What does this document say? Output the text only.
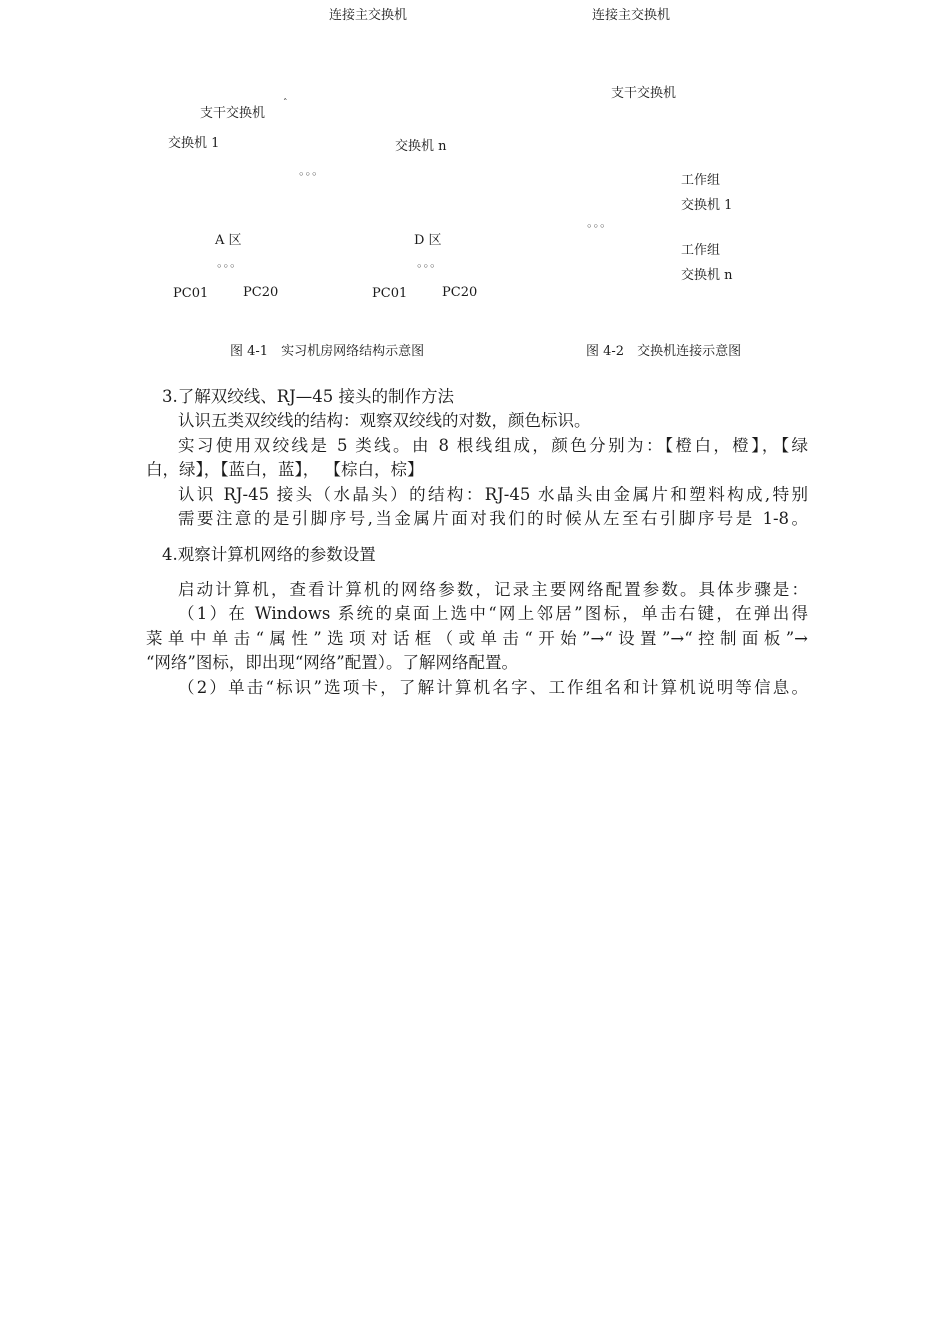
连接主交换机
支干交换机
ˆ
交换机 1	交换机 n
◦◦◦
A 区	D 区
◦◦◦	◦◦◦
PC01	PC20	PC01	PC20
图 4-1　实习机房网络结构示意图
连接主交换机
支干交换机
工作组
交换机 1
◦◦◦
工作组
交换机 n
图 4-2　交换机连接示意图
3.了解双绞线、RJ—45 接头的制作方法
认识五类双绞线的结构：观察双绞线的对数，颜色标识。
实习使用双绞线是 5 类线。由 8 根线组成，颜色分别为：【橙白，橙】，【绿
白，绿】，【蓝白，蓝】， 【棕白，棕】
认识 RJ-45 接头（水晶头）的结构：RJ-45 水晶头由金属片和塑料构成,特别
需要注意的是引脚序号,当金属片面对我们的时候从左至右引脚序号是 1-8。
4.观察计算机网络的参数设置
启动计算机，查看计算机的网络参数，记录主要网络配置参数。具体步骤是：
（1）在 Windows 系统的桌面上选中“网上邻居”图标，单击右键，在弹出得
菜单中单击“属性”选项对话框（或单击“开始”→“设置”→“控制面板”→
“网络”图标，即出现“网络”配置）。了解网络配置。
（2）单击“标识”选项卡，了解计算机名字、工作组名和计算机说明等信息。
